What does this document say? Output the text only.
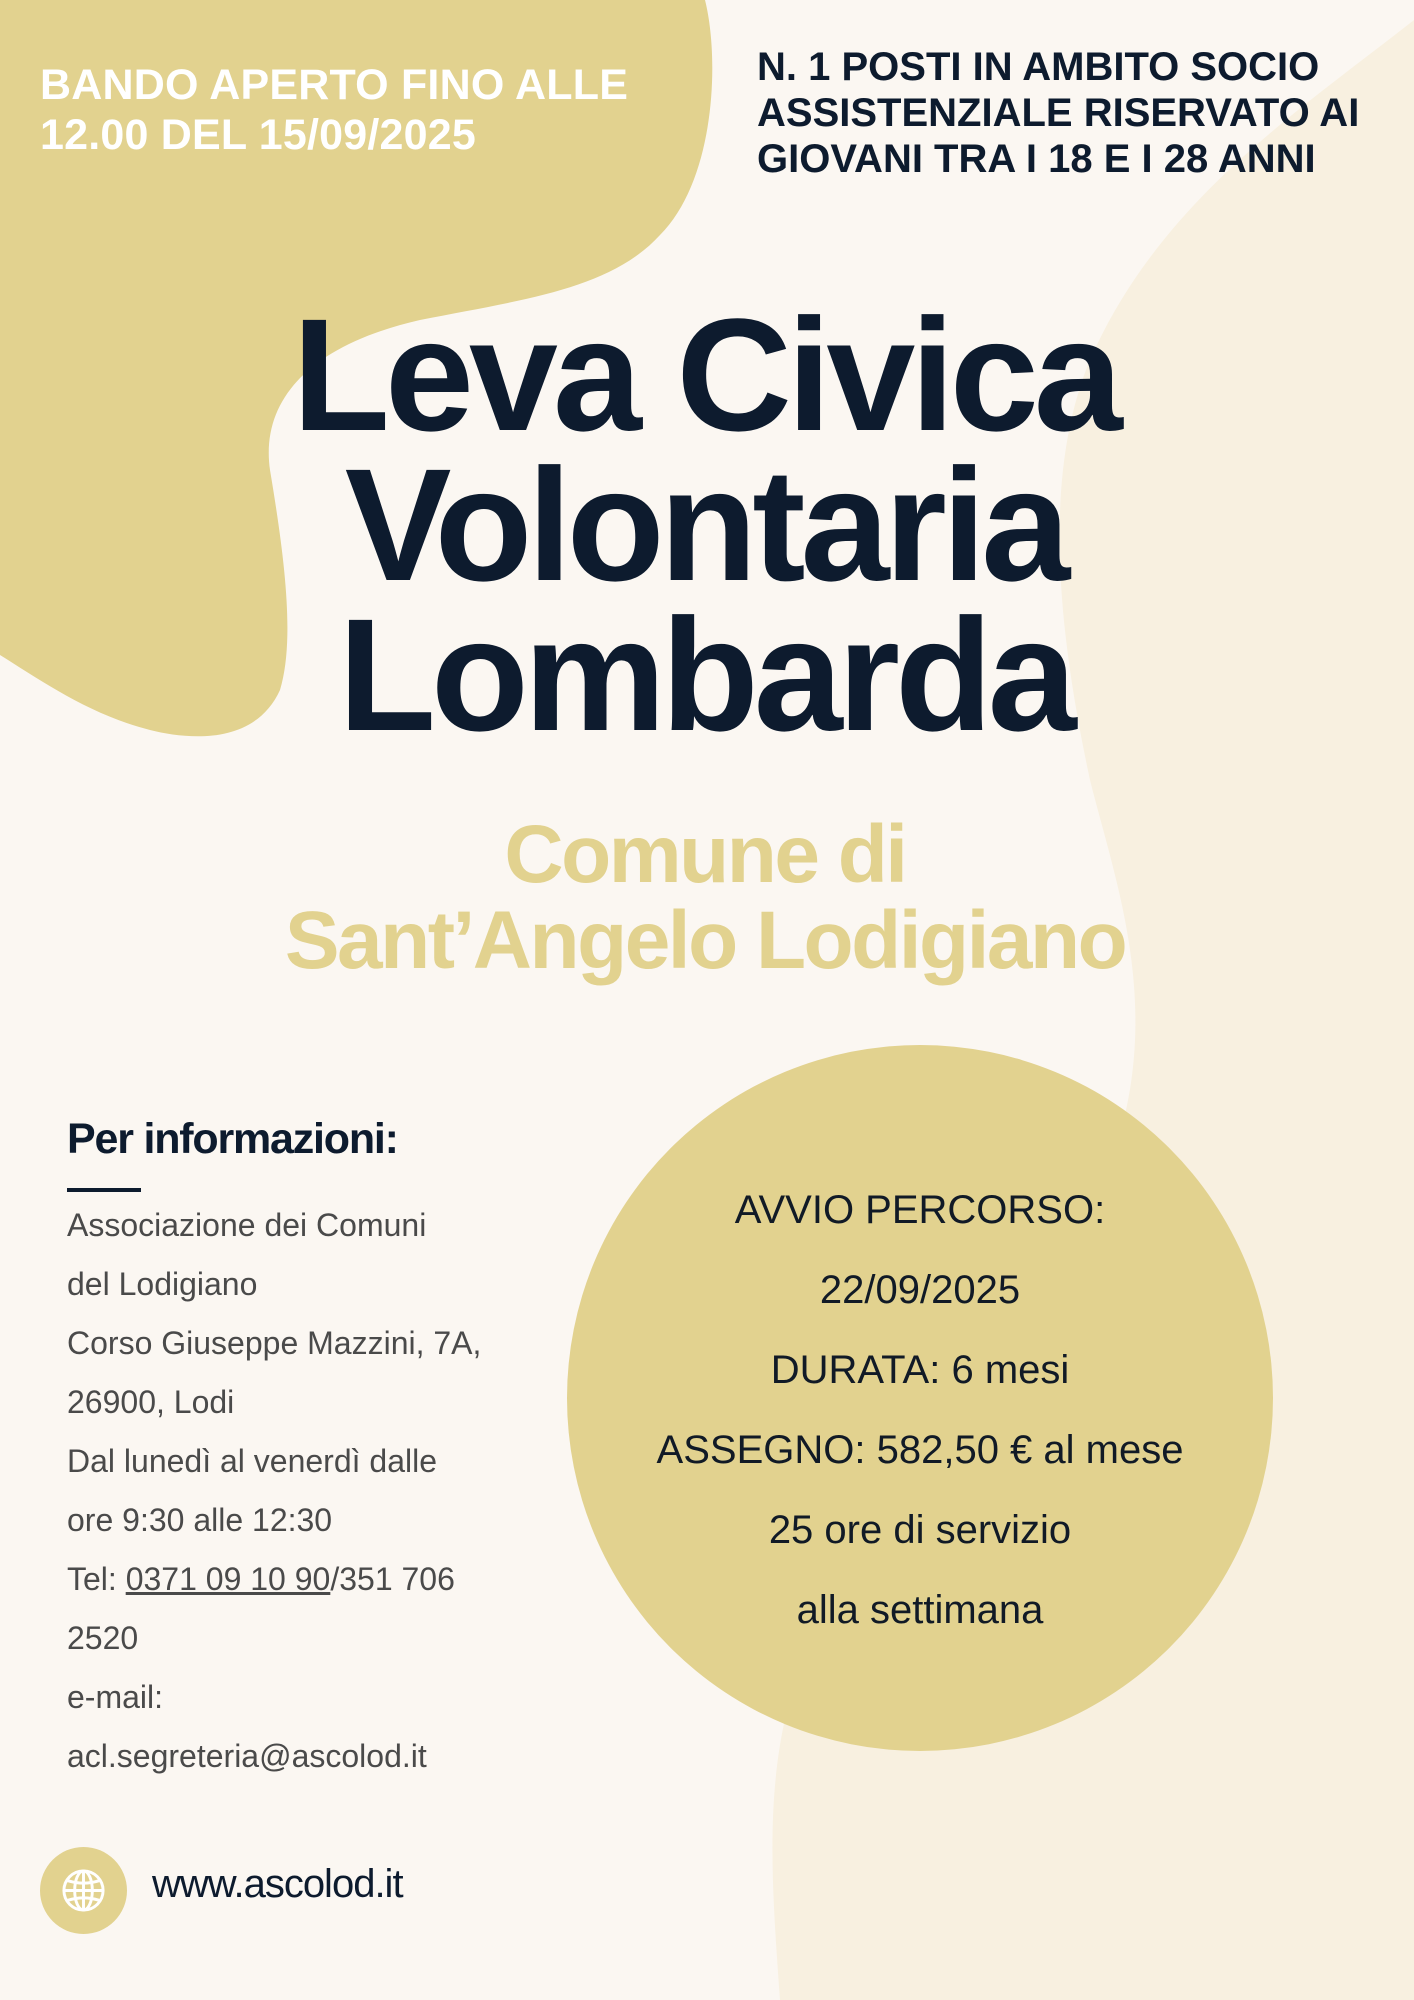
BANDO APERTO FINO ALLE
12.00 DEL 15/09/2025
N. 1 POSTI IN AMBITO SOCIO
ASSISTENZIALE RISERVATO AI
GIOVANI TRA I 18 E I 28 ANNI
Leva Civica
Volontaria
Lombarda
Comune di
Sant’Angelo Lodigiano
Per informazioni:
Associazione dei Comuni
del Lodigiano
Corso Giuseppe Mazzini, 7A,
26900, Lodi
Dal lunedì al venerdì dalle
ore 9:30 alle 12:30
Tel: 0371 09 10 90/351 706
2520
e-mail:
acl.segreteria@ascolod.it
AVVIO PERCORSO:
22/09/2025
DURATA: 6 mesi
ASSEGNO: 582,50 € al mese
25 ore di servizio
alla settimana
www.ascolod.it
